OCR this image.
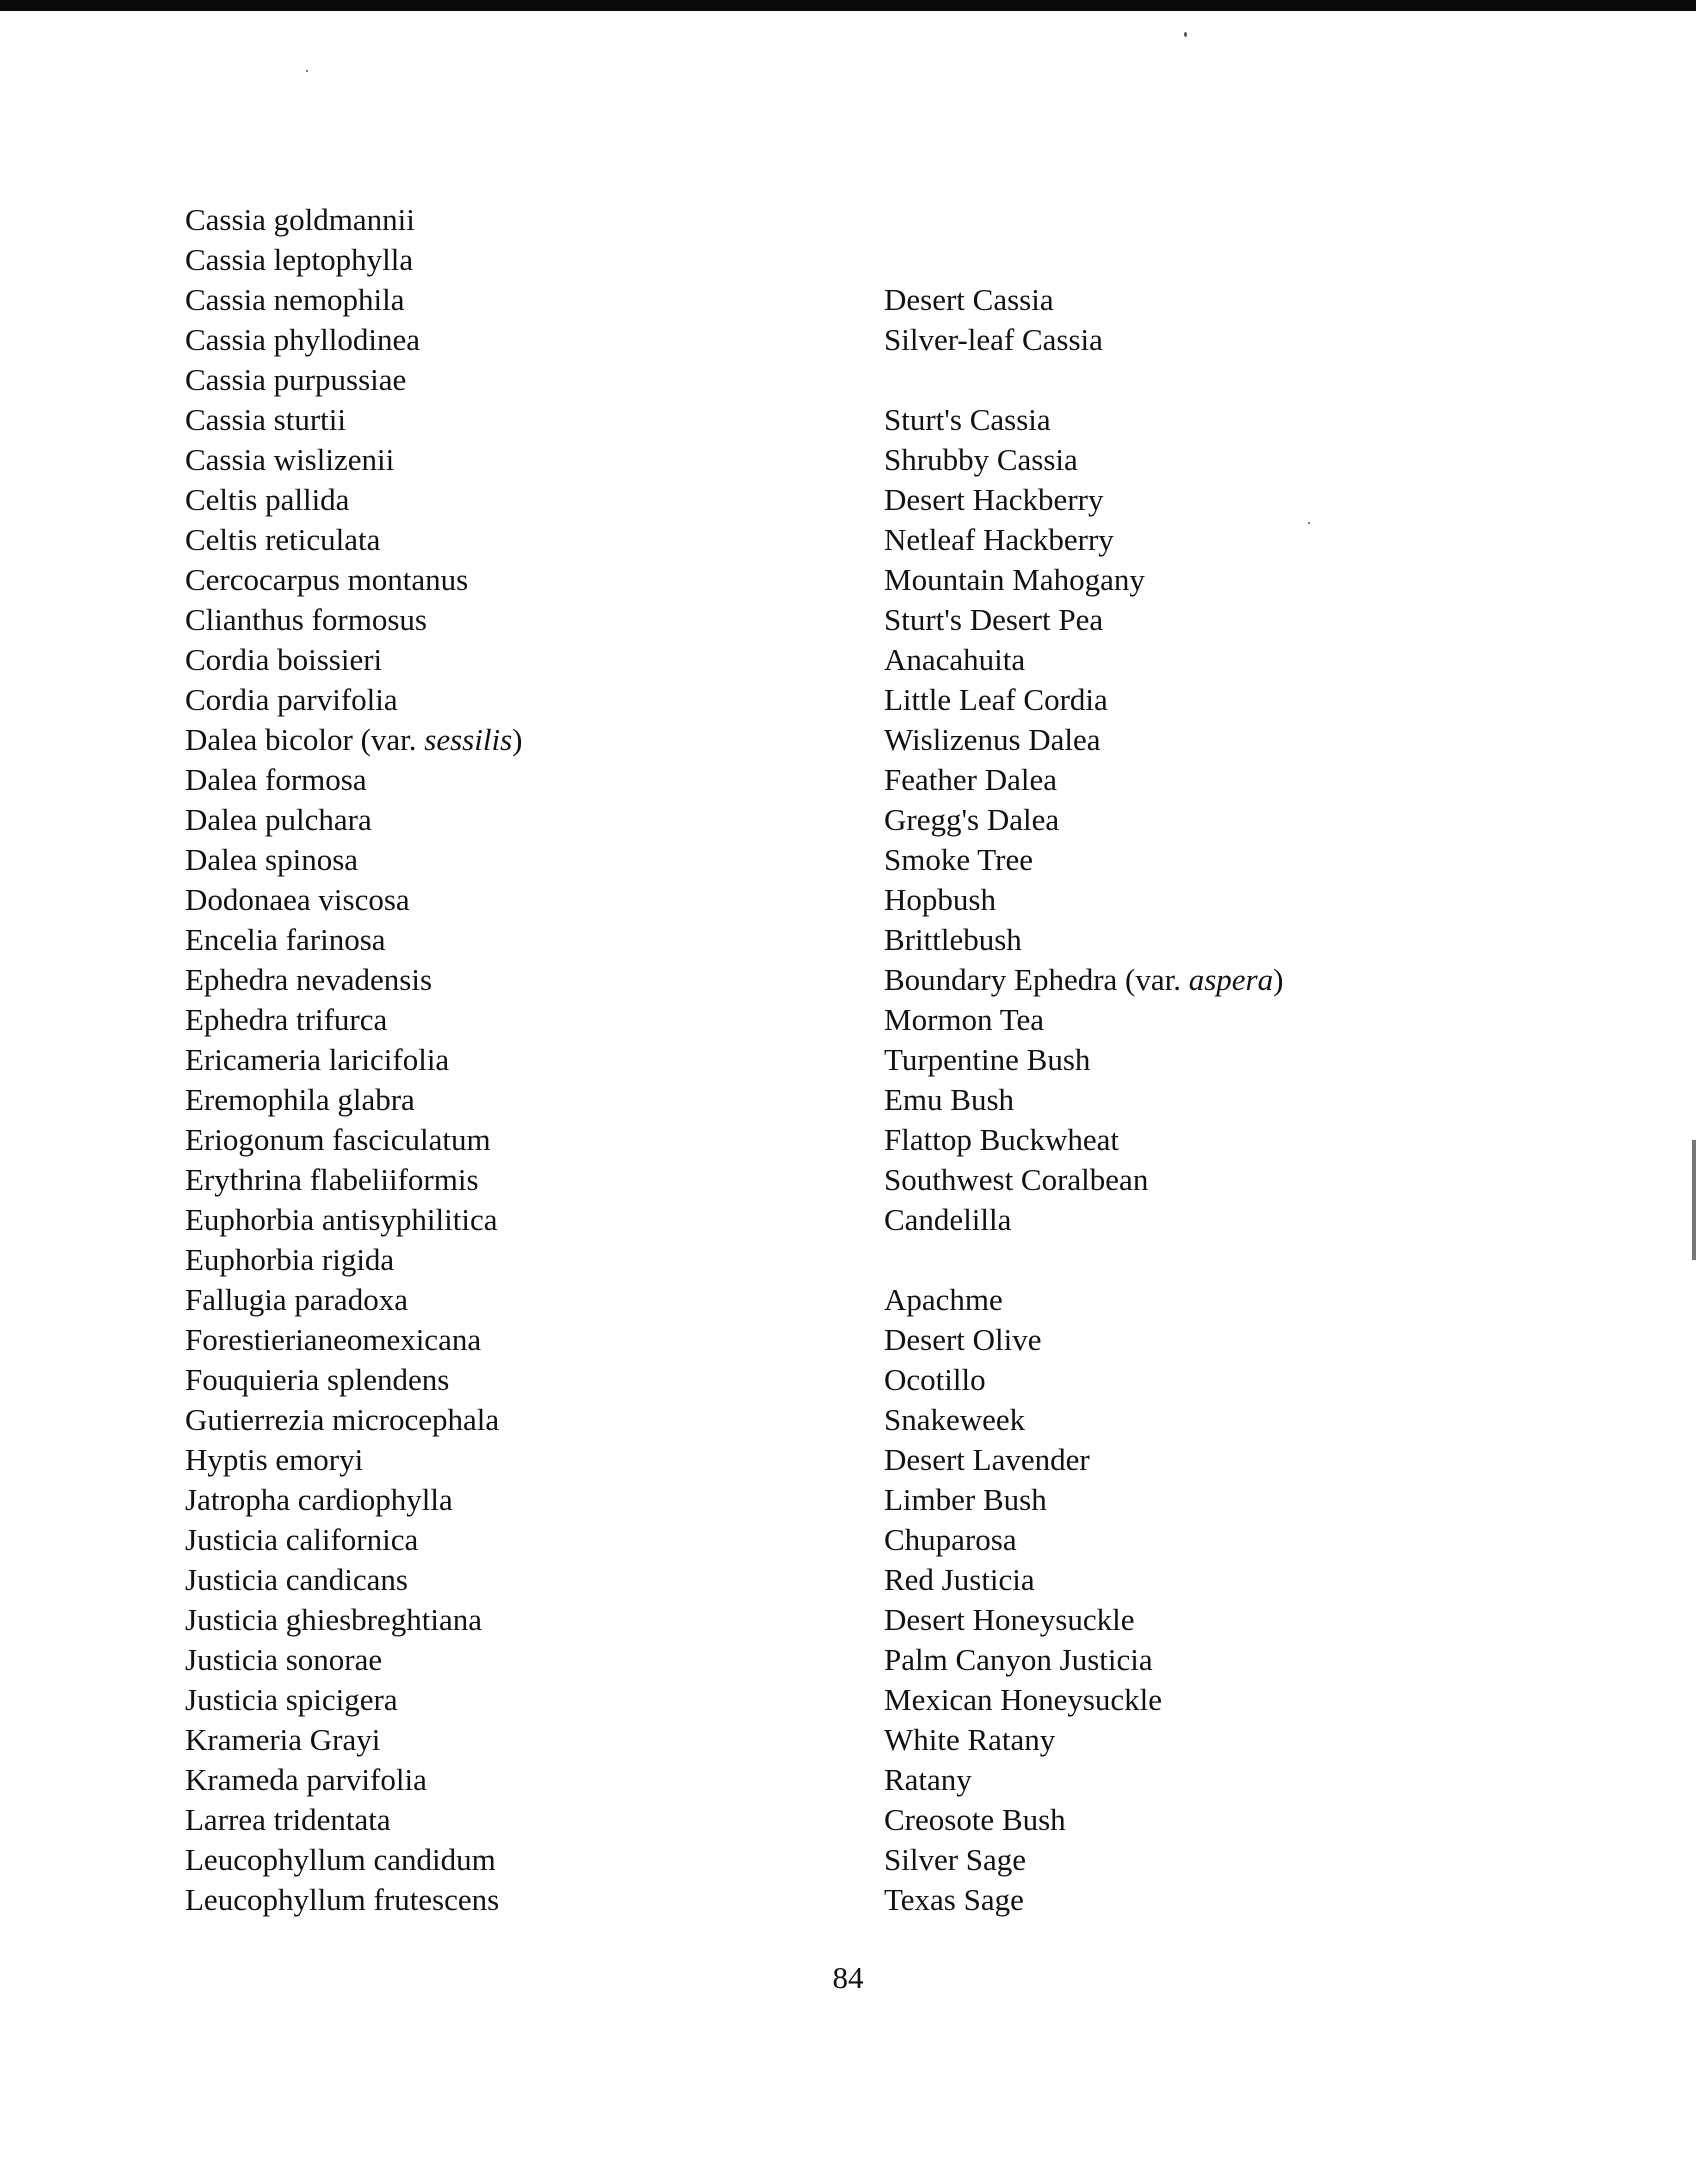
Cassia goldmannii
Cassia leptophylla
Cassia nemophila
Cassia phyllodinea
Cassia purpussiae
Cassia sturtii
Cassia wislizenii
Celtis pallida
Celtis reticulata
Cercocarpus montanus
Clianthus formosus
Cordia boissieri
Cordia parvifolia
Dalea bicolor (var. sessilis)
Dalea formosa
Dalea pulchara
Dalea spinosa
Dodonaea viscosa
Encelia farinosa
Ephedra nevadensis
Ephedra trifurca
Ericameria laricifolia
Eremophila glabra
Eriogonum fasciculatum
Erythrina flabeliiformis
Euphorbia antisyphilitica
Euphorbia rigida
Fallugia paradoxa
Forestierianeomexicana
Fouquieria splendens
Gutierrezia microcephala
Hyptis emoryi
Jatropha cardiophylla
Justicia californica
Justicia candicans
Justicia ghiesbreghtiana
Justicia sonorae
Justicia spicigera
Krameria Grayi
Krameda parvifolia
Larrea tridentata
Leucophyllum candidum
Leucophyllum frutescens
Desert Cassia
Silver-leaf Cassia
Sturt's Cassia
Shrubby Cassia
Desert Hackberry
Netleaf Hackberry
Mountain Mahogany
Sturt's Desert Pea
Anacahuita
Little Leaf Cordia
Wislizenus Dalea
Feather Dalea
Gregg's Dalea
Smoke Tree
Hopbush
Brittlebush
Boundary Ephedra (var. aspera)
Mormon Tea
Turpentine Bush
Emu Bush
Flattop Buckwheat
Southwest Coralbean
Candelilla
Apachme
Desert Olive
Ocotillo
Snakeweek
Desert Lavender
Limber Bush
Chuparosa
Red Justicia
Desert Honeysuckle
Palm Canyon Justicia
Mexican Honeysuckle
White Ratany
Ratany
Creosote Bush
Silver Sage
Texas Sage
84
